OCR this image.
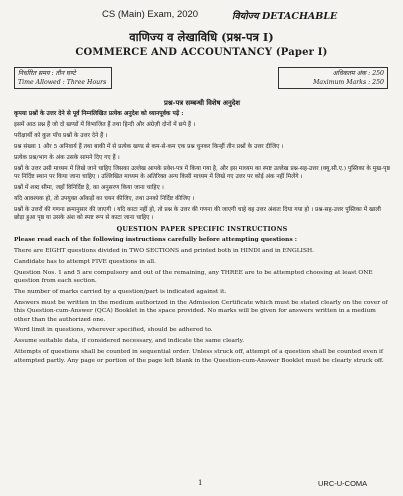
CS (Main) Exam, 2020	वियोज्य DETACHABLE
वाणिज्य व लेखाविधि (प्रश्न-पत्र I)
COMMERCE AND ACCOUNTANCY (Paper I)
निर्धारित समय : तीन घण्टे
Time Allowed : Three Hours
अधिकतम अंक : 250
Maximum Marks : 250
प्रश्न-पत्र सम्बन्धी विशेष अनुदेश

कृपया प्रश्नों के उत्तर देने से पूर्व निम्नलिखित प्रत्येक अनुदेश को ध्यानपूर्वक पढ़ें :

इसमें आठ प्रश्न हैं जो दो खण्डों में विभाजित हैं तथा हिन्दी और अंग्रेज़ी दोनों में छपे हैं ।

परीक्षार्थी को कुल पाँच प्रश्नों के उत्तर देने हैं ।

प्रश्न संख्या 1 और 5 अनिवार्य हैं तथा बाकी में से प्रत्येक खण्ड से कम-से-कम एक प्रश्न चुनकर किन्हीं तीन प्रश्नों के उत्तर दीजिए ।

प्रत्येक प्रश्न/भाग के अंक उसके सामने दिए गए हैं ।

प्रश्नों के उत्तर उसी माध्यम में लिखे जाने चाहिए जिसका उल्लेख आपके प्रवेश-पत्र में किया गया है, और इस माध्यम का स्पष्ट उल्लेख प्रश्न-सह-उत्तर (क्यू.सी.ए.) पुस्तिका के मुख-पृष्ठ पर निर्दिष्ट स्थान पर किया जाना चाहिए । उल्लिखित माध्यम के अतिरिक्त अन्य किसी माध्यम में लिखे गए उत्तर पर कोई अंक नहीं मिलेंगे ।

प्रश्नों में शब्द सीमा, जहाँ विनिर्दिष्ट है, का अनुसरण किया जाना चाहिए ।

यदि आवश्यक हो, तो उपयुक्त आँकड़ों का चयन कीजिए, तथा उनको निर्दिष्ट कीजिए ।

प्रश्नों के उत्तरों की गणना क्रमानुसार की जाएगी । यदि काटा नहीं हो, तो प्रश्न के उत्तर की गणना की जाएगी चाहे वह उत्तर अंशतः दिया गया हो । प्रश्न-सह-उत्तर पुस्तिका में खाली छोड़ा हुआ पृष्ठ या उसके अंश को स्पष्ट रूप से काटा जाना चाहिए ।

QUESTION PAPER SPECIFIC INSTRUCTIONS

Please read each of the following instructions carefully before attempting questions :

There are EIGHT questions divided in TWO SECTIONS and printed both in HINDI and in ENGLISH.

Candidate has to attempt FIVE questions in all.

Question Nos. 1 and 5 are compulsory and out of the remaining, any THREE are to be attempted choosing at least ONE question from each section.

The number of marks carried by a question/part is indicated against it.

Answers must be written in the medium authorized in the Admission Certificate which must be stated clearly on the cover of this Question-cum-Answer (QCA) Booklet in the space provided. No marks will be given for answers written in a medium other than the authorized one.

Word limit in questions, wherever specified, should be adhered to.

Assume suitable data, if considered necessary, and indicate the same clearly.

Attempts of questions shall be counted in sequential order. Unless struck off, attempt of a question shall be counted even if attempted partly. Any page or portion of the page left blank in the Question-cum-Answer Booklet must be clearly struck off.

1	URC-U-COMA
